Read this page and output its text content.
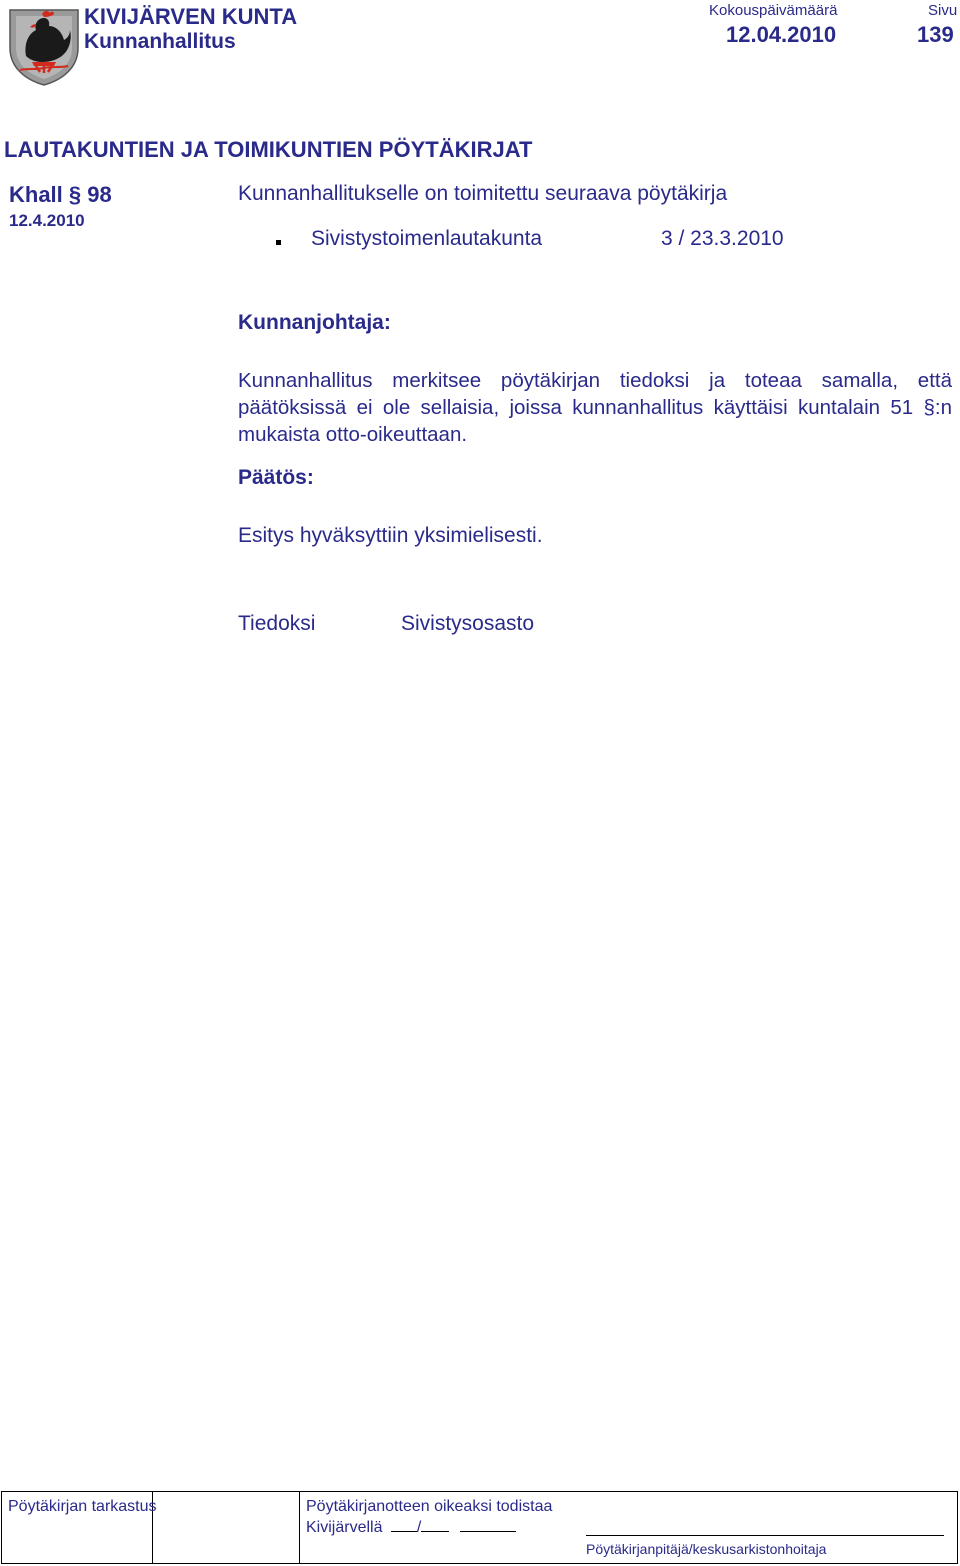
KIVIJÄRVEN KUNTA
Kunnanhallitus
Kokouspäivämäärä
12.04.2010
Sivu
139
LAUTAKUNTIEN JA TOIMIKUNTIEN PÖYTÄKIRJAT
Khall § 98
12.4.2010
Kunnanhallitukselle on toimitettu seuraava pöytäkirja
Sivistystoimenlautakunta	3 / 23.3.2010
Kunnanjohtaja:
Kunnanhallitus merkitsee pöytäkirjan tiedoksi ja toteaa samalla, että päätöksissä ei ole sellaisia, joissa kunnanhallitus käyttäisi kuntalain 51 §:n mukaista otto-oikeuttaan.
Päätös:
Esitys hyväksyttiin yksimielisesti.
Tiedoksi	Sivistysosasto
Pöytäkirjan tarkastus	Pöytäkirjanotteen oikeaksi todistaa
Kivijärvellä /
Pöytäkirjanpitäjä/keskusarkistonhoitaja
